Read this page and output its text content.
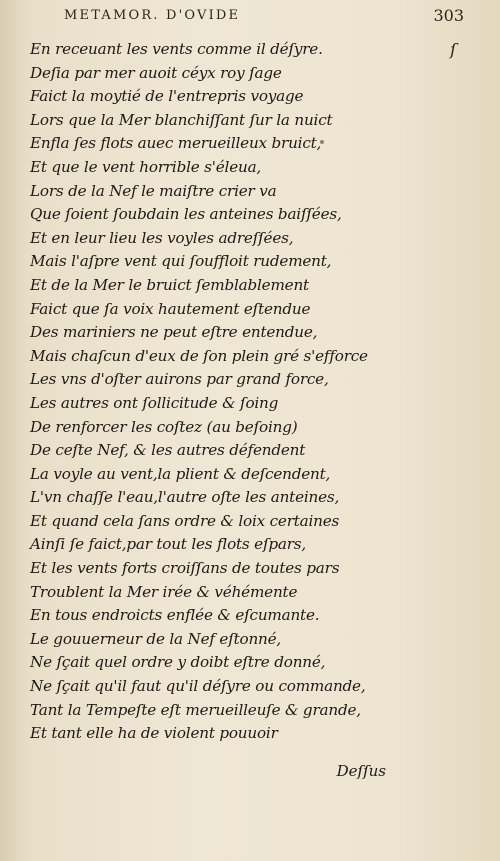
METAMOR. D'OVIDE	303
ſ
En receuant les vents comme il déſyre.
Deſia par mer auoit céyx roy ſage
Faict la moytié de l'entrepris voyage
Lors que la Mer blanchiſſant ſur la nuict
Enfla ſes flots auec merueilleux bruict,
Et que le vent horrible s'éleua,
Lors de la Nef le maiſtre crier va
Que ſoient ſoubdain les anteines baiſſées,
Et en leur lieu les voyles adreſſées,
Mais l'aſpre vent qui ſouffloit rudement,
Et de la Mer le bruict ſemblablement
Faict que ſa voix hautement eſtendue
Des mariniers ne peut eſtre entendue,
Mais chaſcun d'eux de ſon plein gré s'efforce
Les vns d'oſter auirons par grand force,
Les autres ont ſollicitude & ſoing
De renforcer les coſtez (au beſoing)
De ceſte Nef, & les autres défendent
La voyle au vent,la plient & deſcendent,
L'vn chaſſe l'eau,l'autre oſte les anteines,
Et quand cela ſans ordre & loix certaines
Ainſi ſe faict,par tout les flots eſpars,
Et les vents forts croiſſans de toutes pars
Troublent la Mer irée & véhémente
En tous endroicts enflée & eſcumante.
Le gouuerneur de la Nef eſtonné,
Ne ſçait quel ordre y doibt eſtre donné,
Ne ſçait qu'il faut qu'il déſyre ou commande,
Tant la Tempeſte eſt merueilleuſe & grande,
Et tant elle ha de violent pouuoir
Deſſus
